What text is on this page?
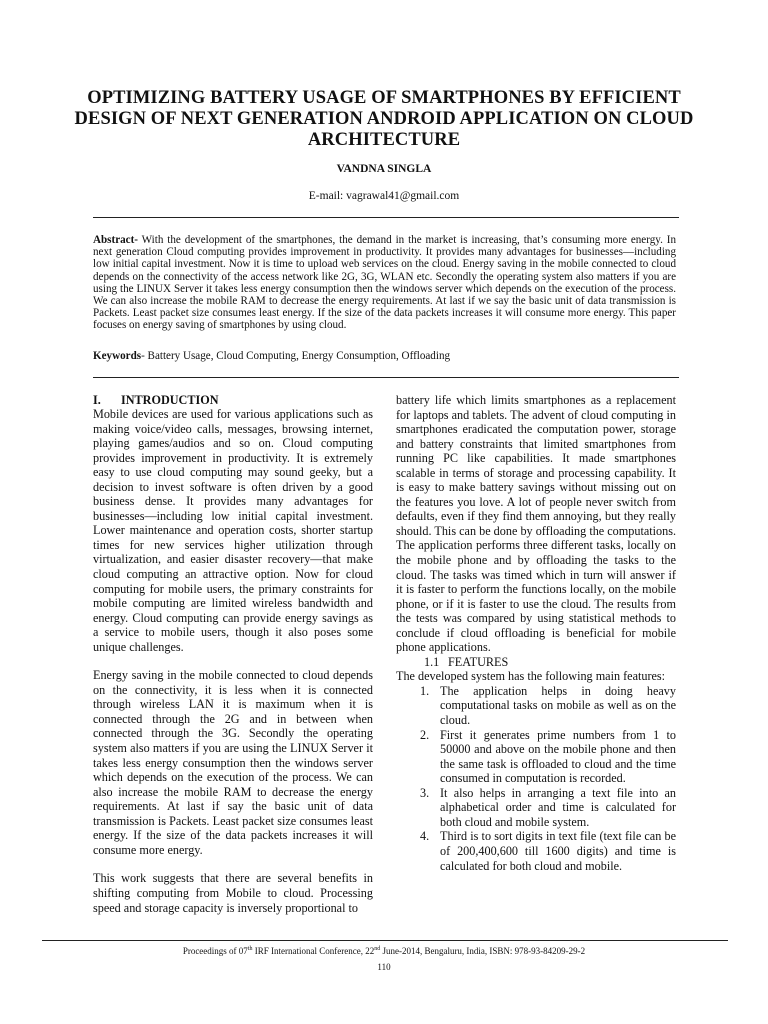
OPTIMIZING BATTERY USAGE OF SMARTPHONES BY EFFICIENT DESIGN OF NEXT GENERATION ANDROID APPLICATION ON CLOUD ARCHITECTURE

VANDNA SINGLA

E-mail: vagrawal41@gmail.com

Abstract- With the development of the smartphones, the demand in the market is increasing, that’s consuming more energy. In next generation Cloud computing provides improvement in productivity. It provides many advantages for businesses—including low initial capital investment. Now it is time to upload web services on the cloud. Energy saving in the mobile connected to cloud depends on the connectivity of the access network like 2G, 3G, WLAN etc. Secondly the operating system also matters if you are using the LINUX Server it takes less energy consumption then the windows server which depends on the execution of the process. We can also increase the mobile RAM to decrease the energy requirements. At last if we say the basic unit of data transmission is Packets. Least packet size consumes least energy. If the size of the data packets increases it will consume more energy. This paper focuses on energy saving of smartphones by using cloud.

Keywords- Battery Usage, Cloud Computing, Energy Consumption, Offloading

I. INTRODUCTION

Mobile devices are used for various applications such as making voice/video calls, messages, browsing internet, playing games/audios and so on. Cloud computing provides improvement in productivity. It is extremely easy to use cloud computing may sound geeky, but a decision to invest software is often driven by a good business dense. It provides many advantages for businesses—including low initial capital investment. Lower maintenance and operation costs, shorter startup times for new services higher utilization through virtualization, and easier disaster recovery—that make cloud computing an attractive option. Now for cloud computing for mobile users, the primary constraints for mobile computing are limited wireless bandwidth and energy. Cloud computing can provide energy savings as a service to mobile users, though it also poses some unique challenges.

Energy saving in the mobile connected to cloud depends on the connectivity, it is less when it is connected through wireless LAN it is maximum when it is connected through the 2G and in between when connected through the 3G. Secondly the operating system also matters if you are using the LINUX Server it takes less energy consumption then the windows server which depends on the execution of the process. We can also increase the mobile RAM to decrease the energy requirements. At last if say the basic unit of data transmission is Packets. Least packet size consumes least energy. If the size of the data packets increases it will consume more energy.

This work suggests that there are several benefits in shifting computing from Mobile to cloud. Processing speed and storage capacity is inversely proportional to

battery life which limits smartphones as a replacement for laptops and tablets. The advent of cloud computing in smartphones eradicated the computation power, storage and battery constraints that limited smartphones from running PC like capabilities. It made smartphones scalable in terms of storage and processing capability. It is easy to make battery savings without missing out on the features you love. A lot of people never switch from defaults, even if they find them annoying, but they really should. This can be done by offloading the computations. The application performs three different tasks, locally on the mobile phone and by offloading the tasks to the cloud. The tasks was timed which in turn will answer if it is faster to perform the functions locally, on the mobile phone, or if it is faster to use the cloud. The results from the tests was compared by using statistical methods to conclude if cloud offloading is beneficial for mobile phone applications.

1.1 FEATURES

The developed system has the following main features:

1. The application helps in doing heavy computational tasks on mobile as well as on the cloud.
2. First it generates prime numbers from 1 to 50000 and above on the mobile phone and then the same task is offloaded to cloud and the time consumed in computation is recorded.
3. It also helps in arranging a text file into an alphabetical order and time is calculated for both cloud and mobile system.
4. Third is to sort digits in text file (text file can be of 200,400,600 till 1600 digits) and time is calculated for both cloud and mobile.

Proceedings of 07th IRF International Conference, 22nd June-2014, Bengaluru, India, ISBN: 978-93-84209-29-2

110
